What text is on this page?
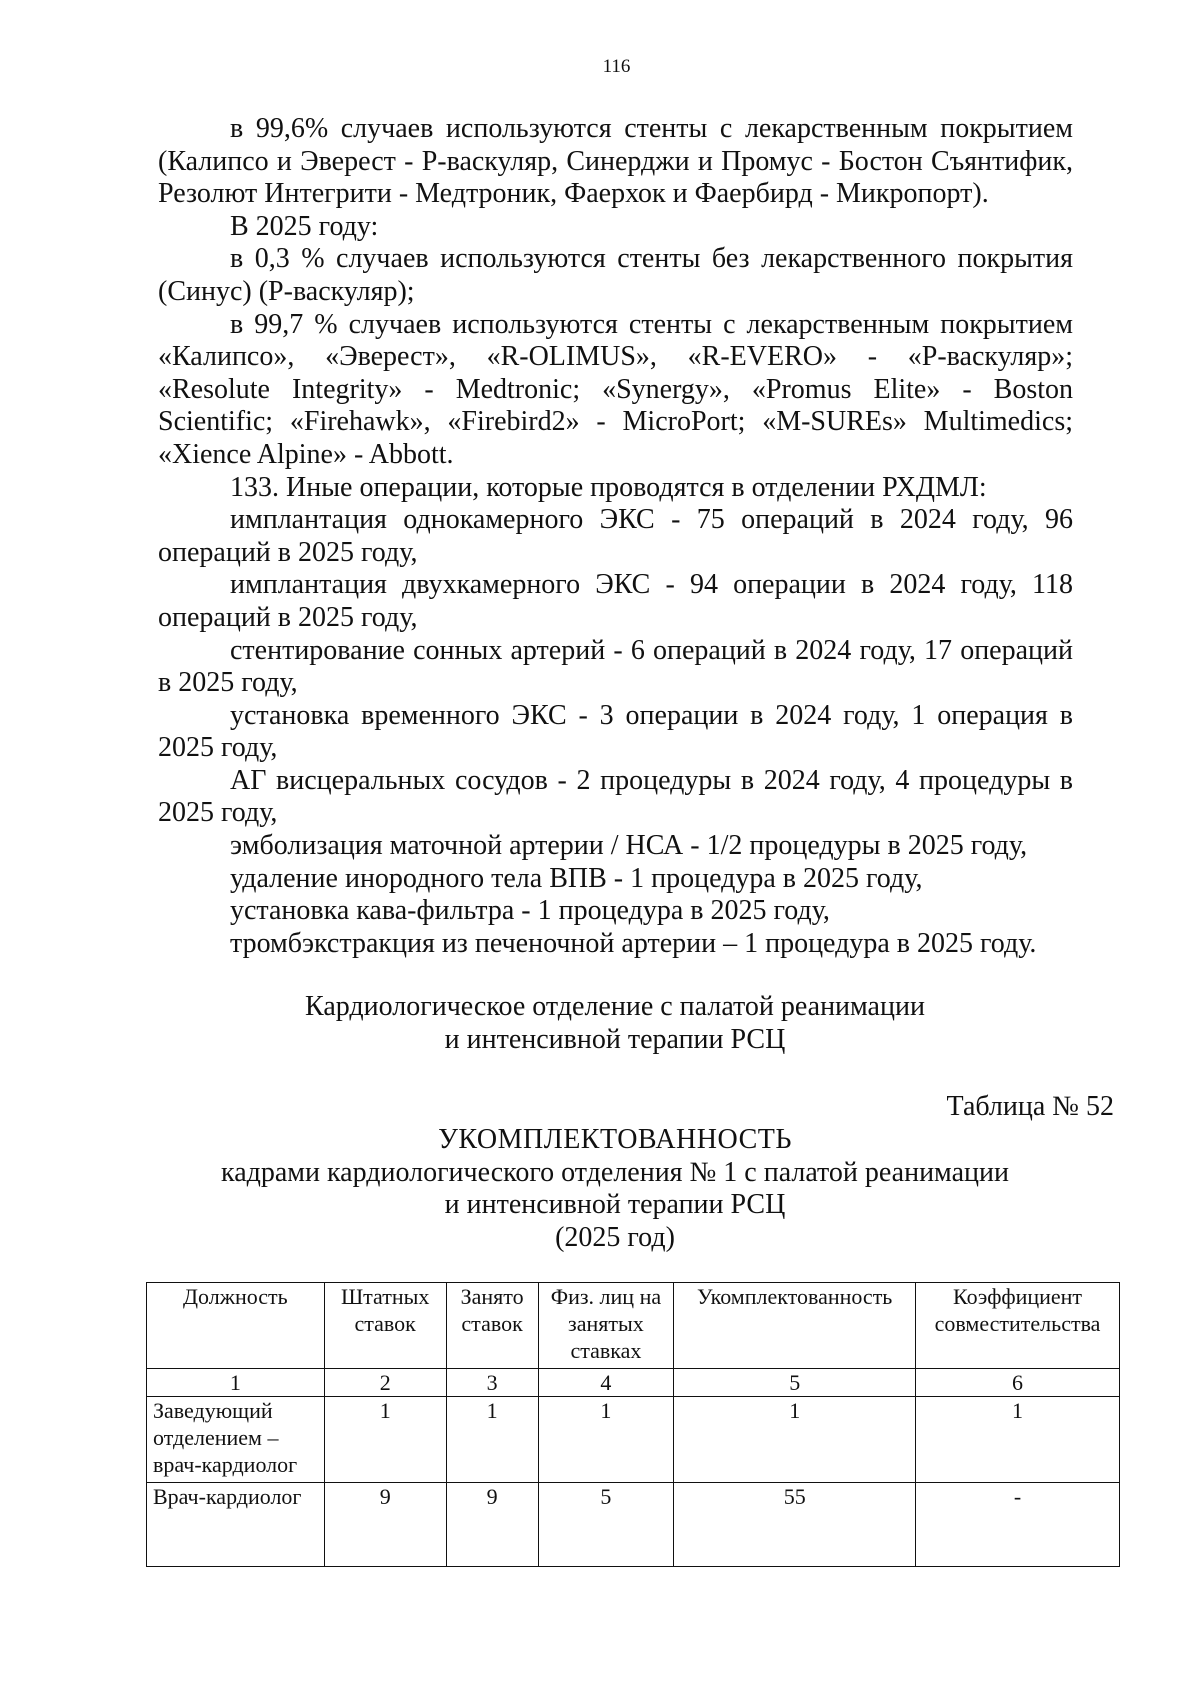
116

в 99,6% случаев используются стенты с лекарственным покрытием (Калипсо и Эверест - Р-васкуляр, Синерджи и Промус - Бостон Съянтифик, Резолют Интегрити - Медтроник, Фаерхок и Фаербирд - Микропорт).

В 2025 году:

в 0,3 % случаев используются стенты без лекарственного покрытия (Синус) (Р-васкуляр);

в 99,7 % случаев используются стенты с лекарственным покрытием «Калипсо», «Эверест», «R-OLIMUS», «R-EVERO» - «Р-васкуляр»; «Resolute Integrity» - Medtronic; «Synergy», «Promus Elite» - Boston Scientific; «Firehawk», «Firebird2» - MicroPort; «M-SUREs» Multimedics; «Xience Alpine» - Abbott.

133. Иные операции, которые проводятся в отделении РХДМЛ:

имплантация однокамерного ЭКС - 75 операций в 2024 году, 96 операций в 2025 году,

имплантация двухкамерного ЭКС - 94 операции в 2024 году, 118 операций в 2025 году,

стентирование сонных артерий - 6 операций в 2024 году, 17 операций в 2025 году,

установка временного ЭКС - 3 операции в 2024 году, 1 операция в 2025 году,

АГ висцеральных сосудов - 2 процедуры в 2024 году, 4 процедуры в 2025 году,

эмболизация маточной артерии / НСА - 1/2 процедуры в 2025 году,

удаление инородного тела ВПВ - 1 процедура в 2025 году,

установка кава-фильтра - 1 процедура в 2025 году,

тромбэкстракция из печеночной артерии – 1 процедура в 2025 году.

Кардиологическое отделение с палатой реанимации
и интенсивной терапии РСЦ
Таблица № 52
УКОМПЛЕКТОВАННОСТЬ
кадрами кардиологического отделения № 1 с палатой реанимации
и интенсивной терапии РСЦ
(2025 год)
Должность	Штатных ставок	Занято ставок	Физ. лиц на занятых ставках	Укомплектованность	Коэффициент совместительства
1	2	3	4	5	6
Заведующий отделением – врач-кардиолог	1	1	1	1	1
Врач-кардиолог	9	9	5	55	-
